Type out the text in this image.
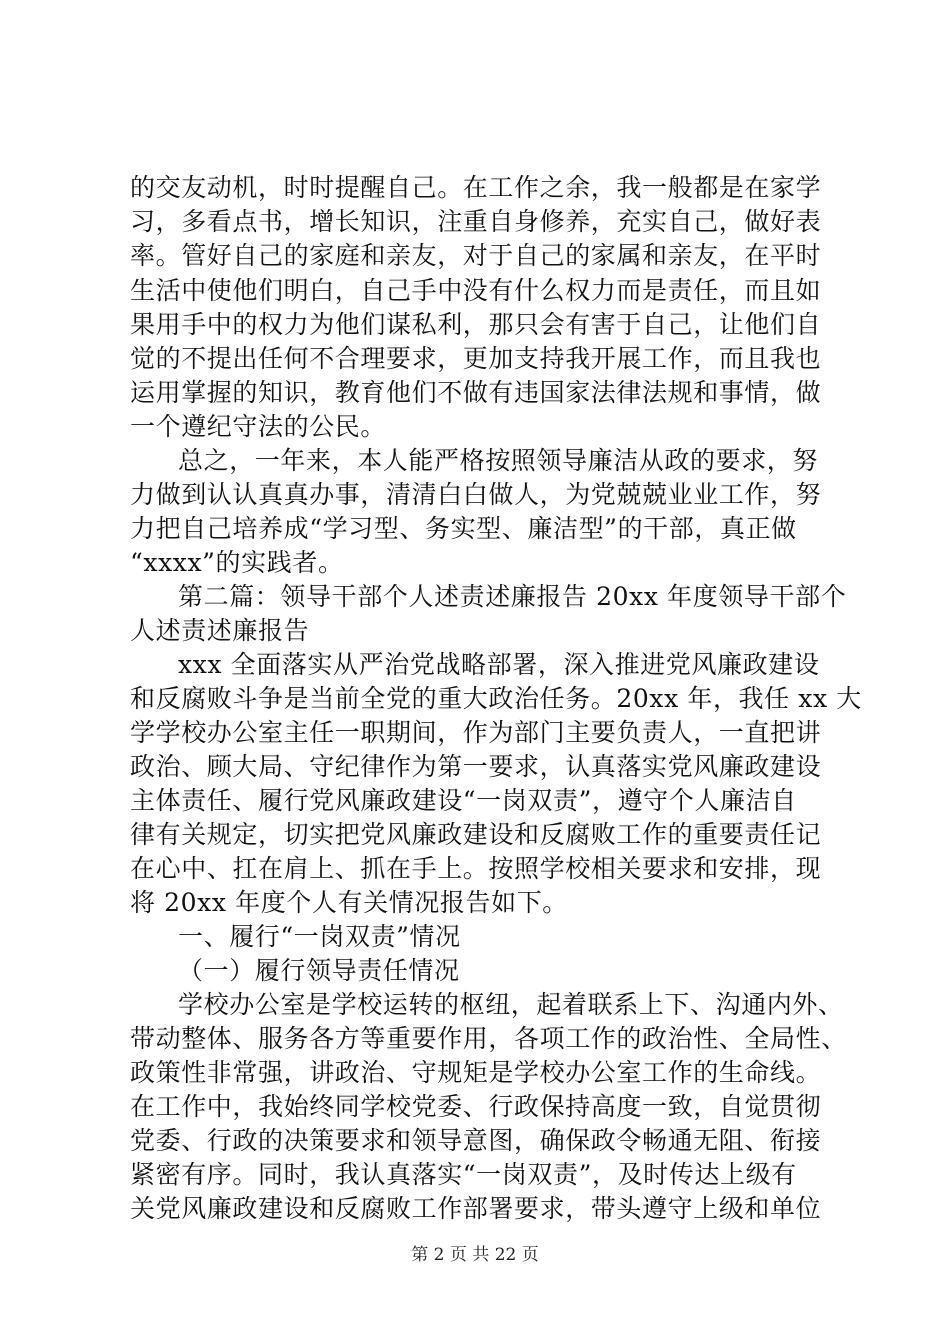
的交友动机，时时提醒自己。在工作之余，我一般都是在家学
习，多看点书，增长知识，注重自身修养，充实自己，做好表
率。管好自己的家庭和亲友，对于自己的家属和亲友，在平时
生活中使他们明白，自己手中没有什么权力而是责任，而且如
果用手中的权力为他们谋私利，那只会有害于自己，让他们自
觉的不提出任何不合理要求，更加支持我开展工作，而且我也
运用掌握的知识，教育他们不做有违国家法律法规和事情，做
一个遵纪守法的公民。
总之，一年来，本人能严格按照领导廉洁从政的要求，努
力做到认认真真办事，清清白白做人，为党兢兢业业工作，努
力把自己培养成“学习型、务实型、廉洁型”的干部，真正做
“xxxx”的实践者。
第二篇：领导干部个人述责述廉报告 20xx 年度领导干部个
人述责述廉报告
xxx 全面落实从严治党战略部署，深入推进党风廉政建设
和反腐败斗争是当前全党的重大政治任务。20xx 年，我任 xx 大
学学校办公室主任一职期间，作为部门主要负责人，一直把讲
政治、顾大局、守纪律作为第一要求，认真落实党风廉政建设
主体责任、履行党风廉政建设“一岗双责”，遵守个人廉洁自
律有关规定，切实把党风廉政建设和反腐败工作的重要责任记
在心中、扛在肩上、抓在手上。按照学校相关要求和安排，现
将 20xx 年度个人有关情况报告如下。
一、履行“一岗双责”情况
（一）履行领导责任情况
学校办公室是学校运转的枢纽，起着联系上下、沟通内外、
带动整体、服务各方等重要作用，各项工作的政治性、全局性、
政策性非常强，讲政治、守规矩是学校办公室工作的生命线。
在工作中，我始终同学校党委、行政保持高度一致，自觉贯彻
党委、行政的决策要求和领导意图，确保政令畅通无阻、衔接
紧密有序。同时，我认真落实“一岗双责”，及时传达上级有
关党风廉政建设和反腐败工作部署要求，带头遵守上级和单位
第 2 页 共 22 页
